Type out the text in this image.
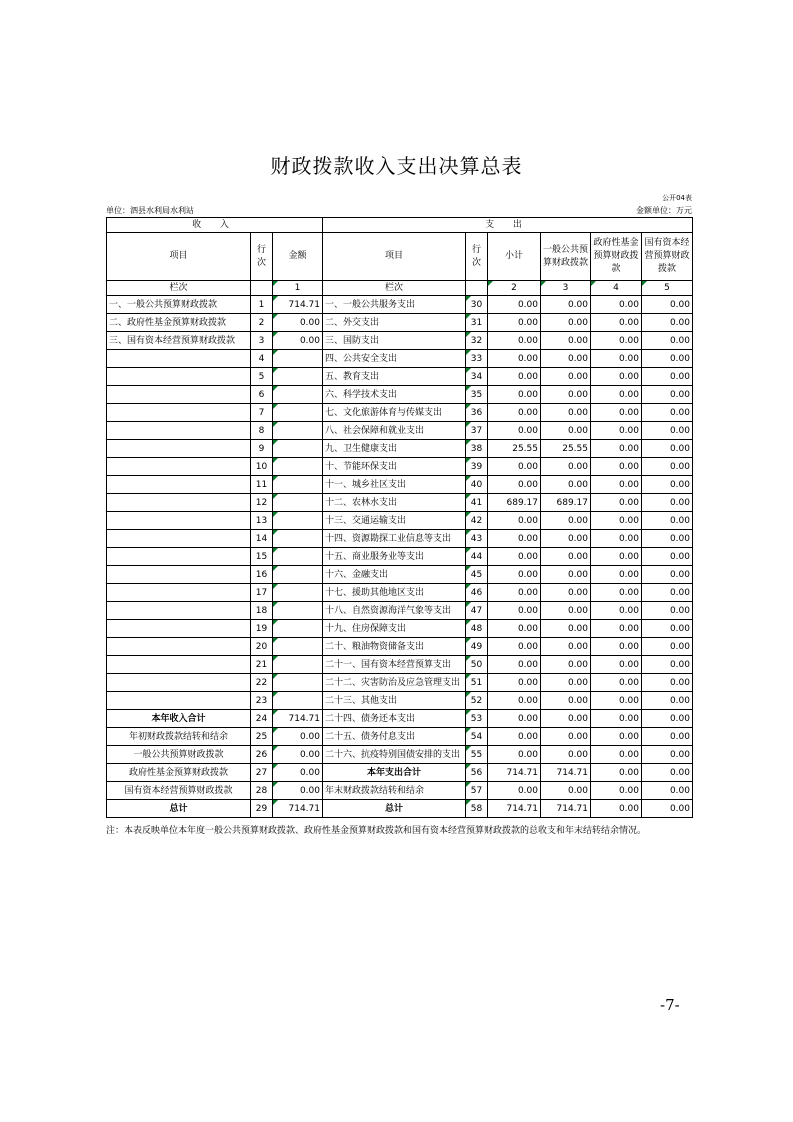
财政拨款收入支出决算总表
公开04表
单位：泗县水利局水利站	金额单位：万元
收 入			支 出					
项目	行次	金额	项目	行次	小计	一般公共预算财政拨款	政府性基金预算财政拨款	国有资本经营预算财政拨款
栏次		1	栏次		2	3	4	5
一、一般公共预算财政拨款	1	714.71	一、一般公共服务支出	30	0.00	0.00	0.00	0.00
二、政府性基金预算财政拨款	2	0.00	二、外交支出	31	0.00	0.00	0.00	0.00
三、国有资本经营预算财政拨款	3	0.00	三、国防支出	32	0.00	0.00	0.00	0.00
	4		四、公共安全支出	33	0.00	0.00	0.00	0.00
	5		五、教育支出	34	0.00	0.00	0.00	0.00
	6		六、科学技术支出	35	0.00	0.00	0.00	0.00
	7		七、文化旅游体育与传媒支出	36	0.00	0.00	0.00	0.00
	8		八、社会保障和就业支出	37	0.00	0.00	0.00	0.00
	9		九、卫生健康支出	38	25.55	25.55	0.00	0.00
	10		十、节能环保支出	39	0.00	0.00	0.00	0.00
	11		十一、城乡社区支出	40	0.00	0.00	0.00	0.00
	12		十二、农林水支出	41	689.17	689.17	0.00	0.00
	13		十三、交通运输支出	42	0.00	0.00	0.00	0.00
	14		十四、资源勘探工业信息等支出	43	0.00	0.00	0.00	0.00
	15		十五、商业服务业等支出	44	0.00	0.00	0.00	0.00
	16		十六、金融支出	45	0.00	0.00	0.00	0.00
	17		十七、援助其他地区支出	46	0.00	0.00	0.00	0.00
	18		十八、自然资源海洋气象等支出	47	0.00	0.00	0.00	0.00
	19		十九、住房保障支出	48	0.00	0.00	0.00	0.00
	20		二十、粮油物资储备支出	49	0.00	0.00	0.00	0.00
	21		二十一、国有资本经营预算支出	50	0.00	0.00	0.00	0.00
	22		二十二、灾害防治及应急管理支出	51	0.00	0.00	0.00	0.00
	23		二十三、其他支出	52	0.00	0.00	0.00	0.00
本年收入合计	24	714.71	二十四、债务还本支出	53	0.00	0.00	0.00	0.00
年初财政拨款结转和结余	25	0.00	二十五、债务付息支出	54	0.00	0.00	0.00	0.00
一般公共预算财政拨款	26	0.00	二十六、抗疫特别国债安排的支出	55	0.00	0.00	0.00	0.00
政府性基金预算财政拨款	27	0.00	本年支出合计	56	714.71	714.71	0.00	0.00
国有资本经营预算财政拨款	28	0.00	年末财政拨款结转和结余	57	0.00	0.00	0.00	0.00
总计	29	714.71	总计	58	714.71	714.71	0.00	0.00
注：本表反映单位本年度一般公共预算财政拨款、政府性基金预算财政拨款和国有资本经营预算财政拨款的总收支和年末结转结余情况。
-7-
